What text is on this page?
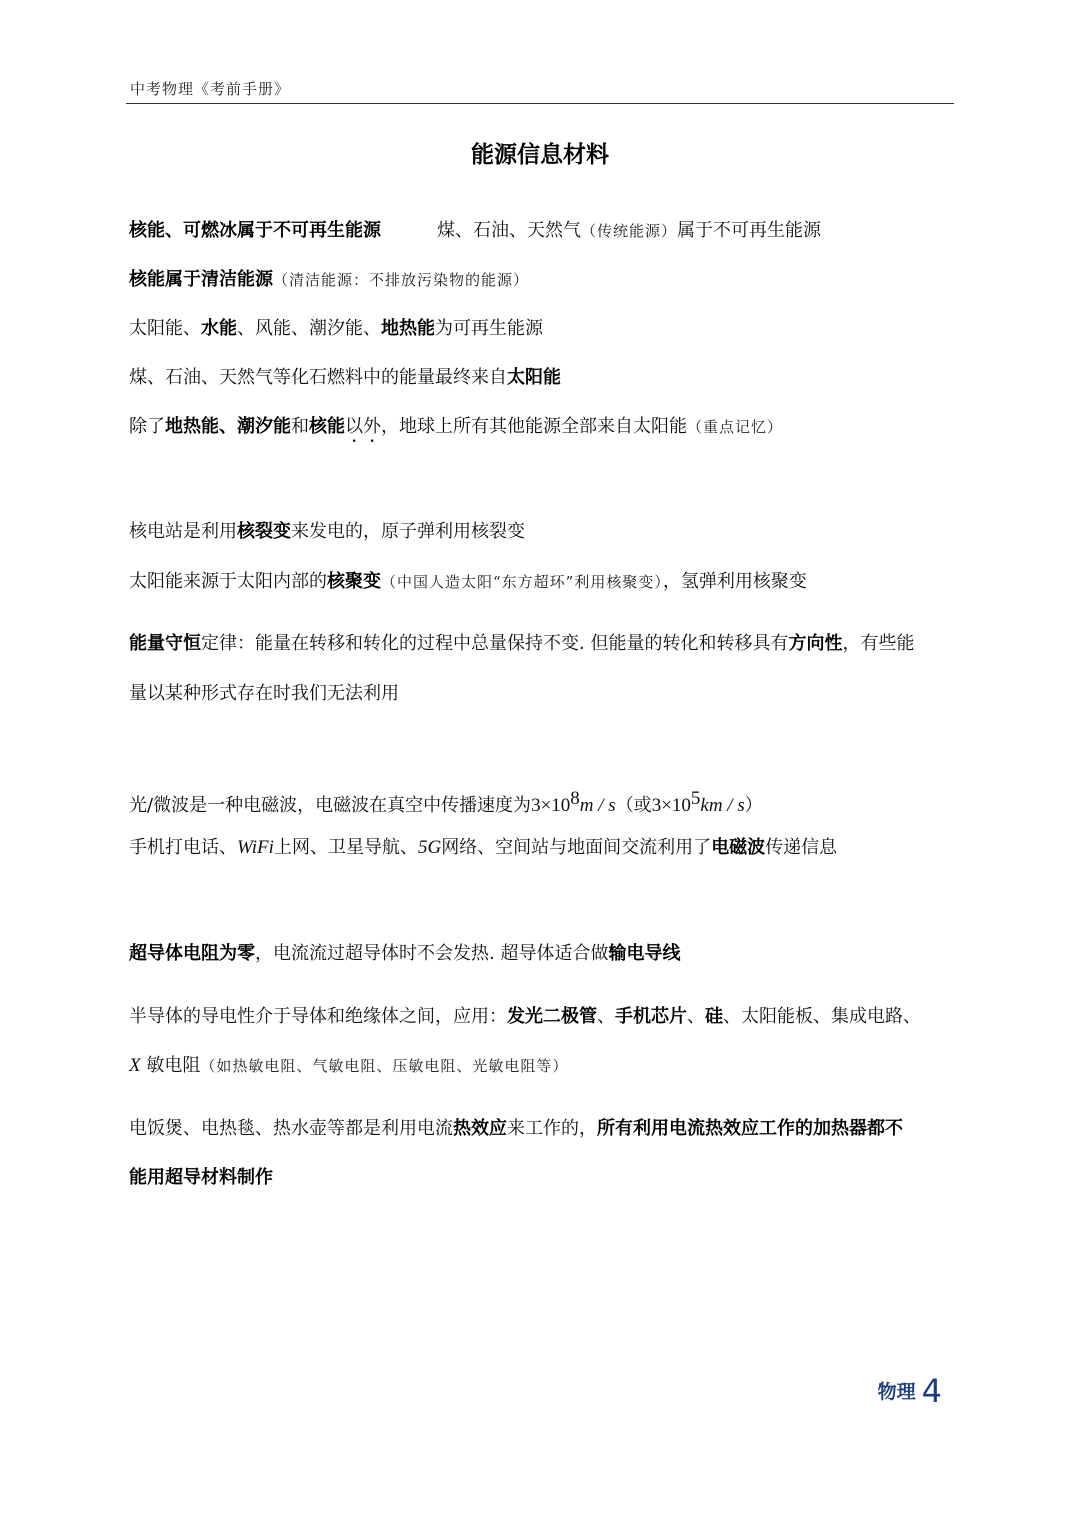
中考物理《考前手册》
能源信息材料
核能、可燃冰属于不可再生能源	煤、石油、天然气（传统能源）属于不可再生能源
核能属于清洁能源（清洁能源：不排放污染物的能源）
太阳能、水能、风能、潮汐能、地热能为可再生能源
煤、石油、天然气等化石燃料中的能量最终来自太阳能
除了地热能、潮汐能和核能以外，地球上所有其他能源全部来自太阳能（重点记忆）
核电站是利用核裂变来发电的，原子弹利用核裂变
太阳能来源于太阳内部的核聚变（中国人造太阳“东方超环”利用核聚变），氢弹利用核聚变
能量守恒定律：能量在转移和转化的过程中总量保持不变. 但能量的转化和转移具有方向性，有些能
量以某种形式存在时我们无法利用
光/微波是一种电磁波，电磁波在真空中传播速度为$3\times 10^8m / s$（或$3\times 10^5km / s$）
手机打电话、WiFi上网、卫星导航、5G网络、空间站与地面间交流利用了电磁波传递信息
超导体电阻为零，电流流过超导体时不会发热. 超导体适合做输电导线
半导体的导电性介于导体和绝缘体之间，应用：发光二极管、手机芯片、硅、太阳能板、集成电路、
X 敏电阻（如热敏电阻、气敏电阻、压敏电阻、光敏电阻等）
电饭煲、电热毯、热水壶等都是利用电流热效应来工作的，所有利用电流热效应工作的加热器都不
能用超导材料制作
物理 4
